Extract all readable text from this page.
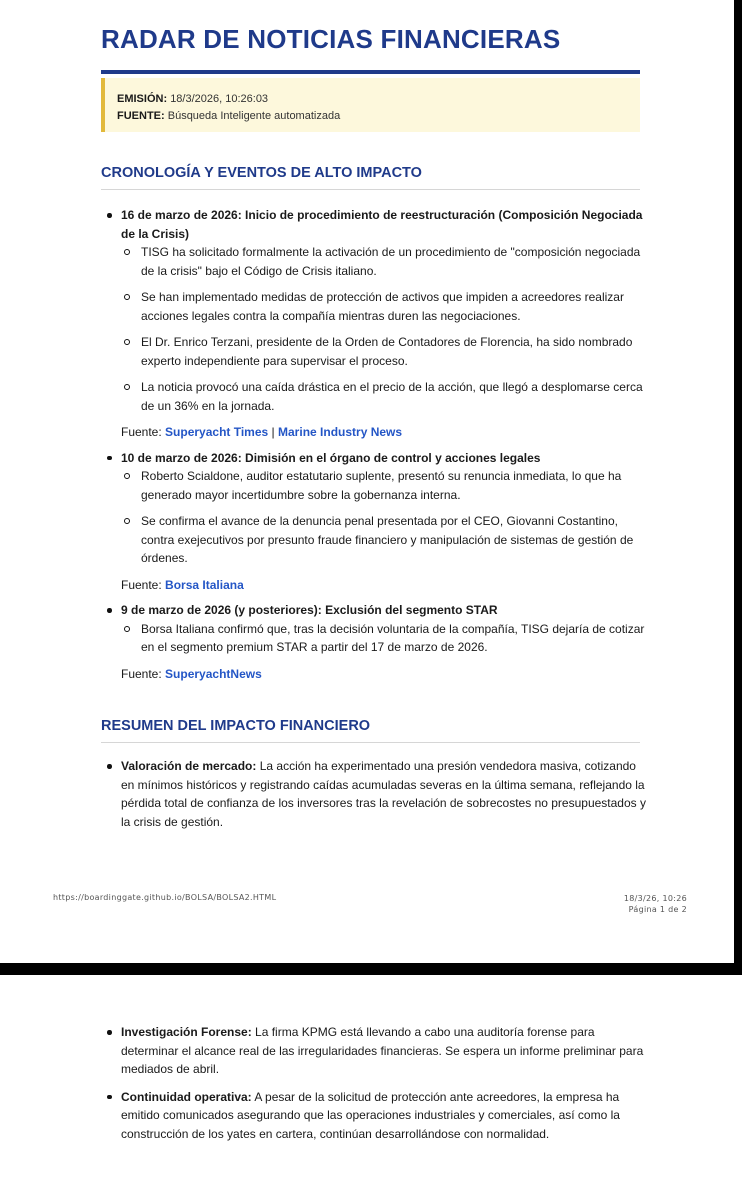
RADAR DE NOTICIAS FINANCIERAS
EMISIÓN: 18/3/2026, 10:26:03
FUENTE: Búsqueda Inteligente automatizada
CRONOLOGÍA Y EVENTOS DE ALTO IMPACTO
16 de marzo de 2026: Inicio de procedimiento de reestructuración (Composición Negociada de la Crisis)
TISG ha solicitado formalmente la activación de un procedimiento de "composición negociada de la crisis" bajo el Código de Crisis italiano.
Se han implementado medidas de protección de activos que impiden a acreedores realizar acciones legales contra la compañía mientras duren las negociaciones.
El Dr. Enrico Terzani, presidente de la Orden de Contadores de Florencia, ha sido nombrado experto independiente para supervisar el proceso.
La noticia provocó una caída drástica en el precio de la acción, que llegó a desplomarse cerca de un 36% en la jornada.
Fuente: Superyacht Times | Marine Industry News
10 de marzo de 2026: Dimisión en el órgano de control y acciones legales
Roberto Scialdone, auditor estatutario suplente, presentó su renuncia inmediata, lo que ha generado mayor incertidumbre sobre la gobernanza interna.
Se confirma el avance de la denuncia penal presentada por el CEO, Giovanni Costantino, contra exejecutivos por presunto fraude financiero y manipulación de sistemas de gestión de órdenes.
Fuente: Borsa Italiana
9 de marzo de 2026 (y posteriores): Exclusión del segmento STAR
Borsa Italiana confirmó que, tras la decisión voluntaria de la compañía, TISG dejaría de cotizar en el segmento premium STAR a partir del 17 de marzo de 2026.
Fuente: SuperyachtNews
RESUMEN DEL IMPACTO FINANCIERO
Valoración de mercado: La acción ha experimentado una presión vendedora masiva, cotizando en mínimos históricos y registrando caídas acumuladas severas en la última semana, reflejando la pérdida total de confianza de los inversores tras la revelación de sobrecostes no presupuestados y la crisis de gestión.
https://boardinggate.github.io/BOLSA/BOLSA2.HTML	18/3/26, 10:26
Página 1 de 2
Investigación Forense: La firma KPMG está llevando a cabo una auditoría forense para determinar el alcance real de las irregularidades financieras. Se espera un informe preliminar para mediados de abril.
Continuidad operativa: A pesar de la solicitud de protección ante acreedores, la empresa ha emitido comunicados asegurando que las operaciones industriales y comerciales, así como la construcción de los yates en cartera, continúan desarrollándose con normalidad.
